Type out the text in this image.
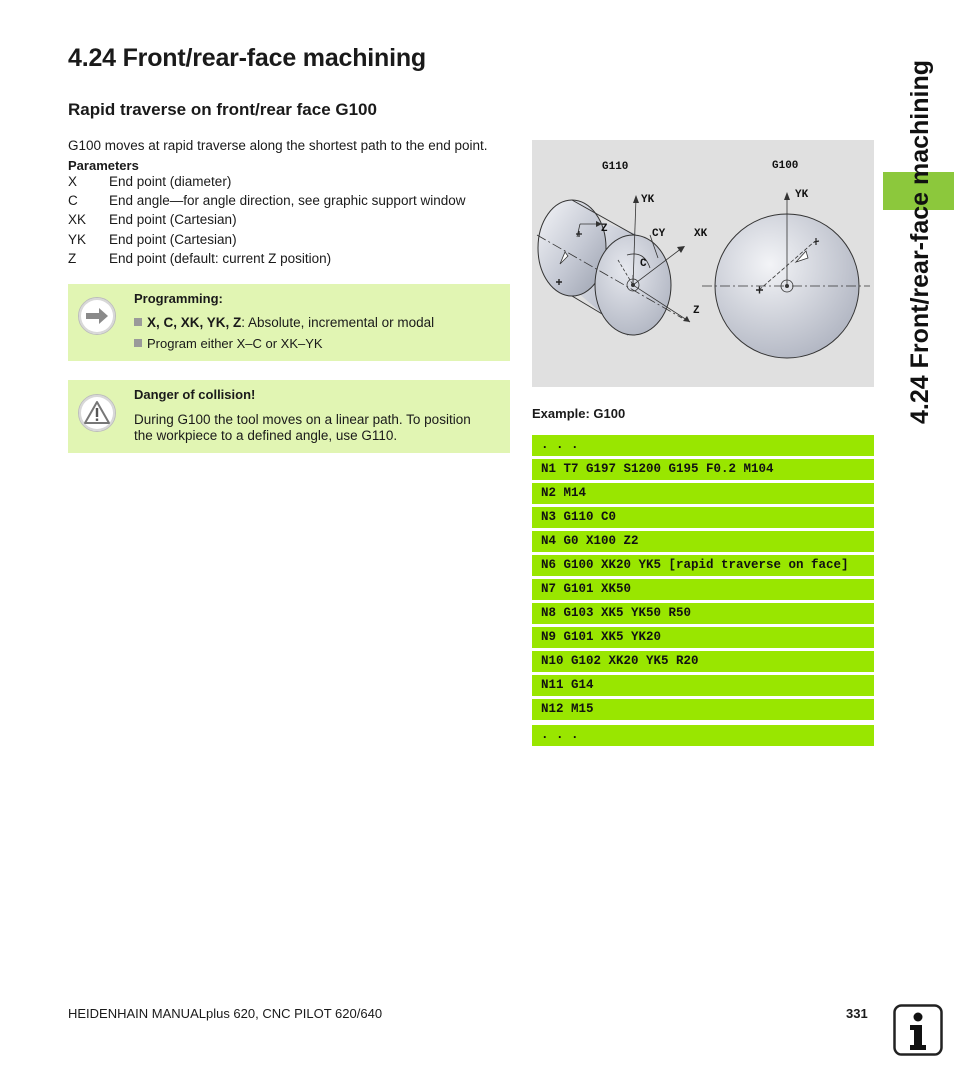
4.24 Front/rear-face machining
Rapid traverse on front/rear face G100
G100 moves at rapid traverse along the shortest path to the end point.
Parameters
X End point (diameter)
C End angle—for angle direction, see graphic support window
XK End point (Cartesian)
YK End point (Cartesian)
Z End point (default: current Z position)
Programming:
X, C, XK, YK, Z: Absolute, incremental or modal
Program either X–C or XK–YK
Danger of collision!
During G100 the tool moves on a linear path. To position
the workpiece to a defined angle, use G110.
G110
YK
Z	CY	XK
C
Z
G100
YK
Example: G100
. . .
N1 T7 G197 S1200 G195 F0.2 M104
N2 M14
N3 G110 C0
N4 G0 X100 Z2
N6 G100 XK20 YK5 [rapid traverse on face]
N7 G101 XK50
N8 G103 XK5 YK50 R50
N9 G101 XK5 YK20
N10 G102 XK20 YK5 R20
N11 G14
N12 M15
. . .
4.24 Front/rear-face machining
HEIDENHAIN MANUALplus 620, CNC PILOT 620/640	331
